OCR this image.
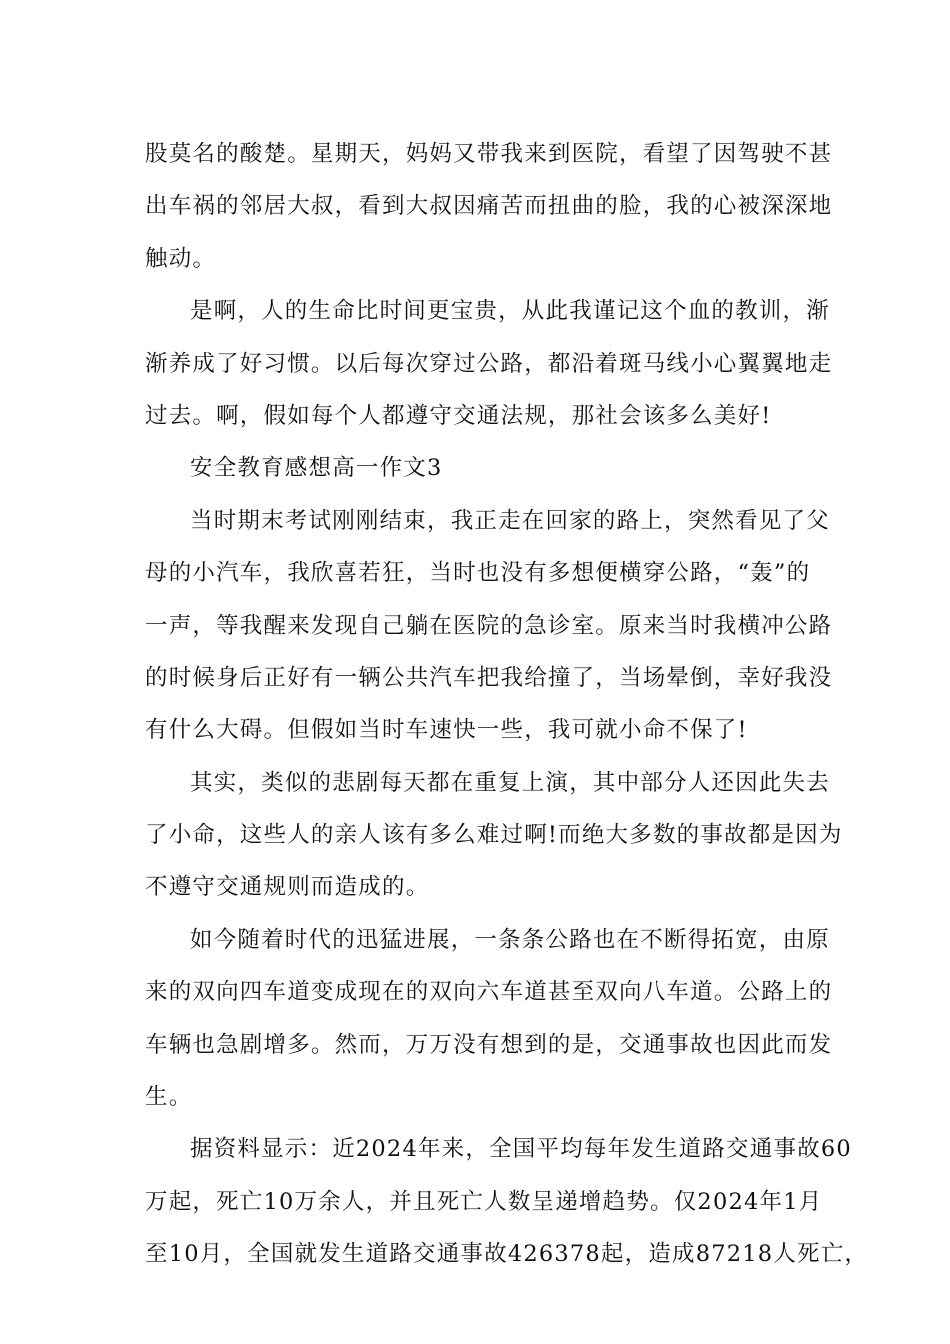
股莫名的酸楚。星期天，妈妈又带我来到医院，看望了因驾驶不甚
出车祸的邻居大叔，看到大叔因痛苦而扭曲的脸，我的心被深深地
触动。
是啊，人的生命比时间更宝贵，从此我谨记这个血的教训，渐
渐养成了好习惯。以后每次穿过公路，都沿着斑马线小心翼翼地走
过去。啊，假如每个人都遵守交通法规，那社会该多么美好!
安全教育感想高一作文3
当时期末考试刚刚结束，我正走在回家的路上，突然看见了父
母的小汽车，我欣喜若狂，当时也没有多想便横穿公路，“轰”的
一声，等我醒来发现自己躺在医院的急诊室。原来当时我横冲公路
的时候身后正好有一辆公共汽车把我给撞了，当场晕倒，幸好我没
有什么大碍。但假如当时车速快一些，我可就小命不保了!
其实，类似的悲剧每天都在重复上演，其中部分人还因此失去
了小命，这些人的亲人该有多么难过啊!而绝大多数的事故都是因为
不遵守交通规则而造成的。
如今随着时代的迅猛进展，一条条公路也在不断得拓宽，由原
来的双向四车道变成现在的双向六车道甚至双向八车道。公路上的
车辆也急剧增多。然而，万万没有想到的是，交通事故也因此而发
生。
据资料显示：近2024年来，全国平均每年发生道路交通事故60
万起，死亡10万余人，并且死亡人数呈递增趋势。仅2024年1月
至10月，全国就发生道路交通事故426378起，造成87218人死亡，
